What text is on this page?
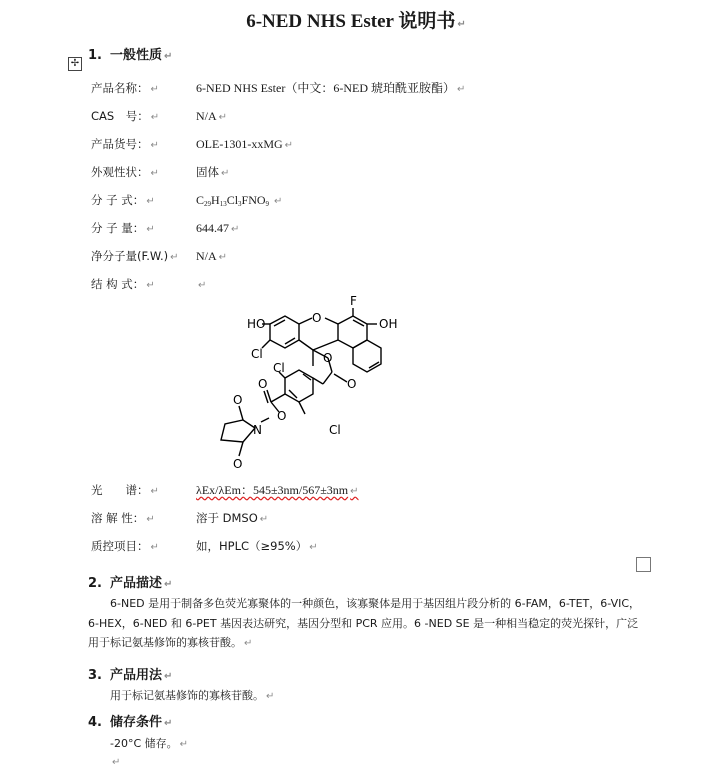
6-NED NHS Ester 说明书 ↵
✢
1. 一般性质 ↵
产品名称： ↵	6-NED NHS Ester（中文：6-NED 琥珀酰亚胺酯） ↵
CAS　号： ↵	N/A ↵
产品货号： ↵	OLE-1301-xxMG ↵
外观性状： ↵	固体 ↵
分 子 式： ↵	$C_{29}H_{13}Cl_3FNO_9$ ↵
分 子 量： ↵	644.47 ↵
净分子量(F.W.) ↵ N/A ↵
结 构 式： ↵	↵
HO
F
OH
Cl
Cl
O
O
O
O
O
N
O
O
Cl
光　　谱： ↵	λEx/λEm：545±3nm/567±3nm ↵
溶 解 性： ↵	溶于 DMSO ↵
质控项目： ↵	如，HPLC（≥95%） ↵
2. 产品描述 ↵
6-NED 是用于制备多色荧光寡聚体的一种颜色，该寡聚体是用于基因组片段分析的 6-FAM，6-TET，6-VIC，6-HEX，6-NED 和 6-PET 基因表达研究，基因分型和 PCR 应用。6 -NED SE 是一种相当稳定的荧光探针，广泛用于标记氨基修饰的寡核苷酸。 ↵
3. 产品用法 ↵
用于标记氨基修饰的寡核苷酸。 ↵
4. 储存条件 ↵
-20°C 储存。 ↵
↵
